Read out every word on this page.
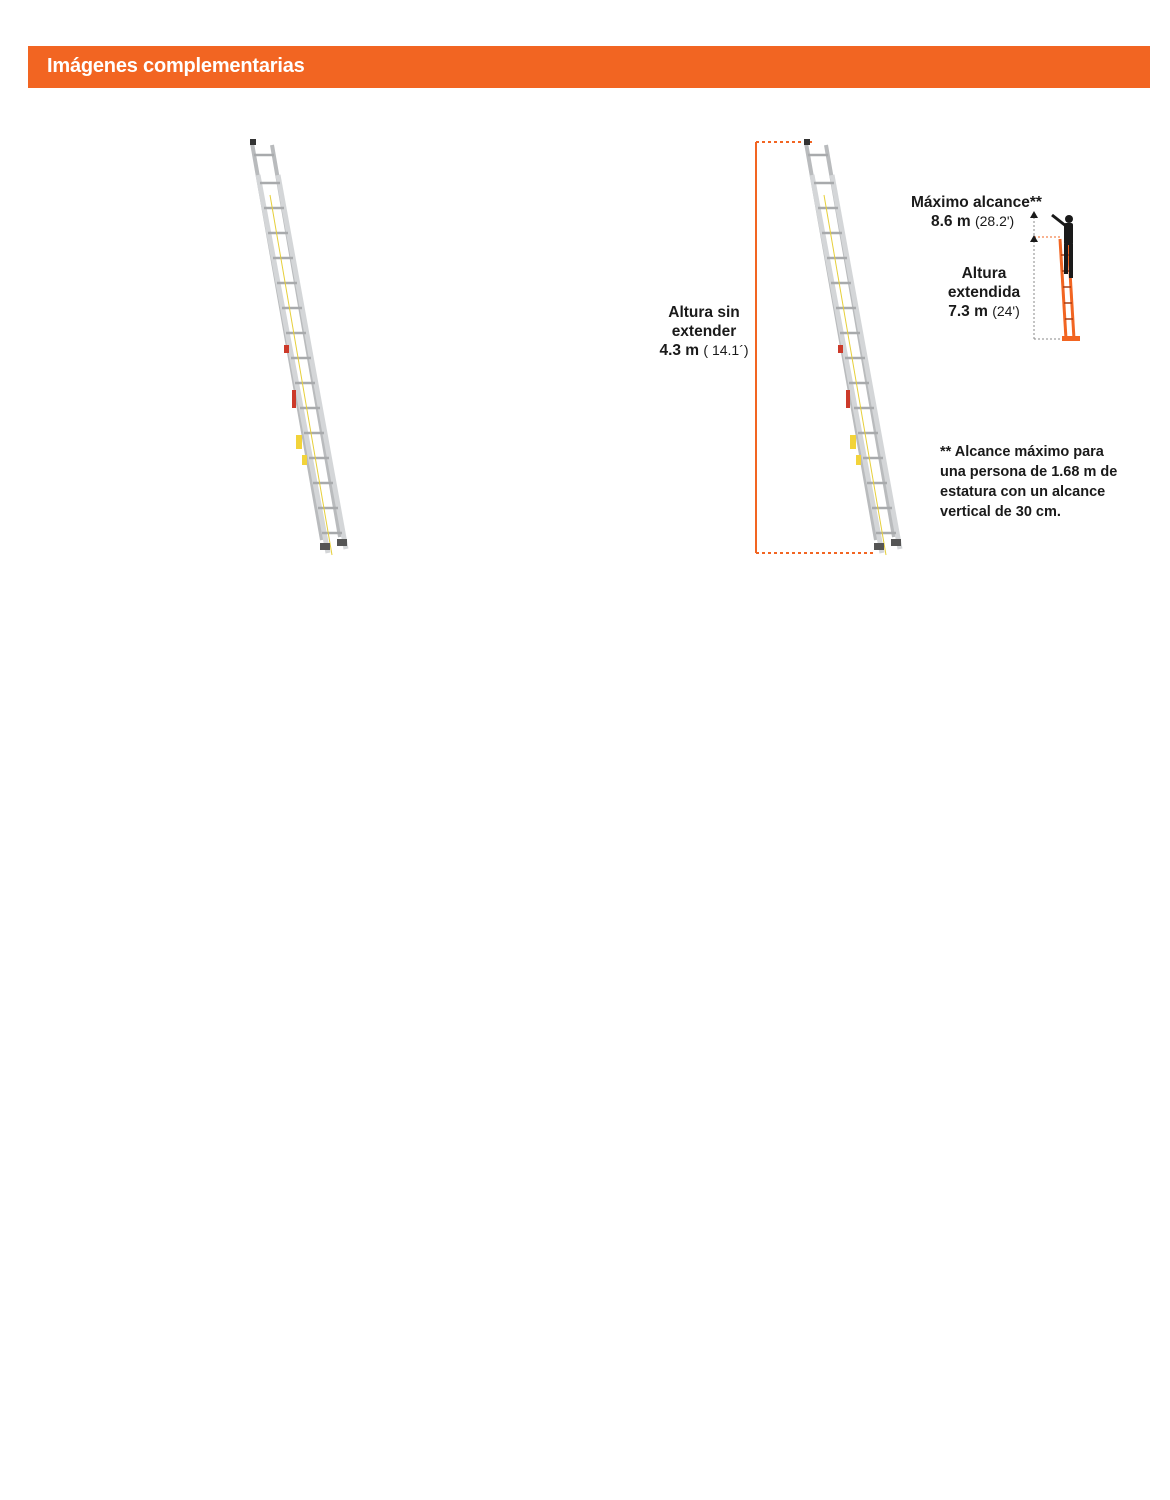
Imágenes complementarias
Altura sin
extender
4.3 m ( 14.1´)
Máximo alcance**
8.6 m (28.2')
Altura
extendida
7.3 m (24')
** Alcance máximo para
una persona de 1.68 m de
estatura con un alcance
vertical de 30 cm.
